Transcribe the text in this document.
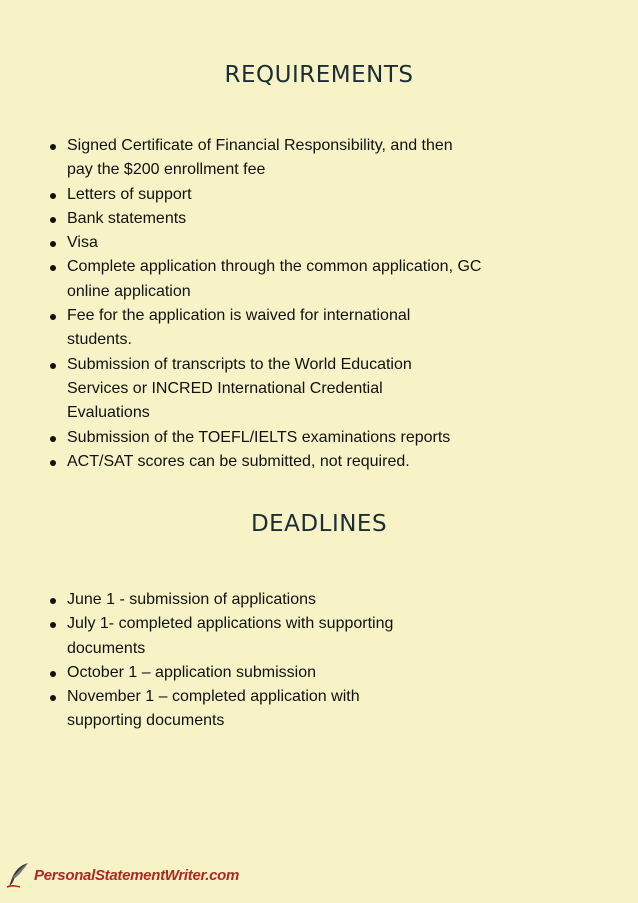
REQUIREMENTS
Signed Certificate of Financial Responsibility, and then pay the $200 enrollment fee
Letters of support
Bank statements
Visa
Complete application through the common application, GC online application
Fee for the application is waived for international students.
Submission of transcripts to the World Education Services or INCRED International Credential Evaluations
Submission of the TOEFL/IELTS examinations reports
ACT/SAT scores can be submitted, not required.
DEADLINES
June 1 - submission of applications
July 1- completed applications with supporting documents
October 1 – application submission
November 1 – completed application with supporting documents
PersonalStatementWriter.com
